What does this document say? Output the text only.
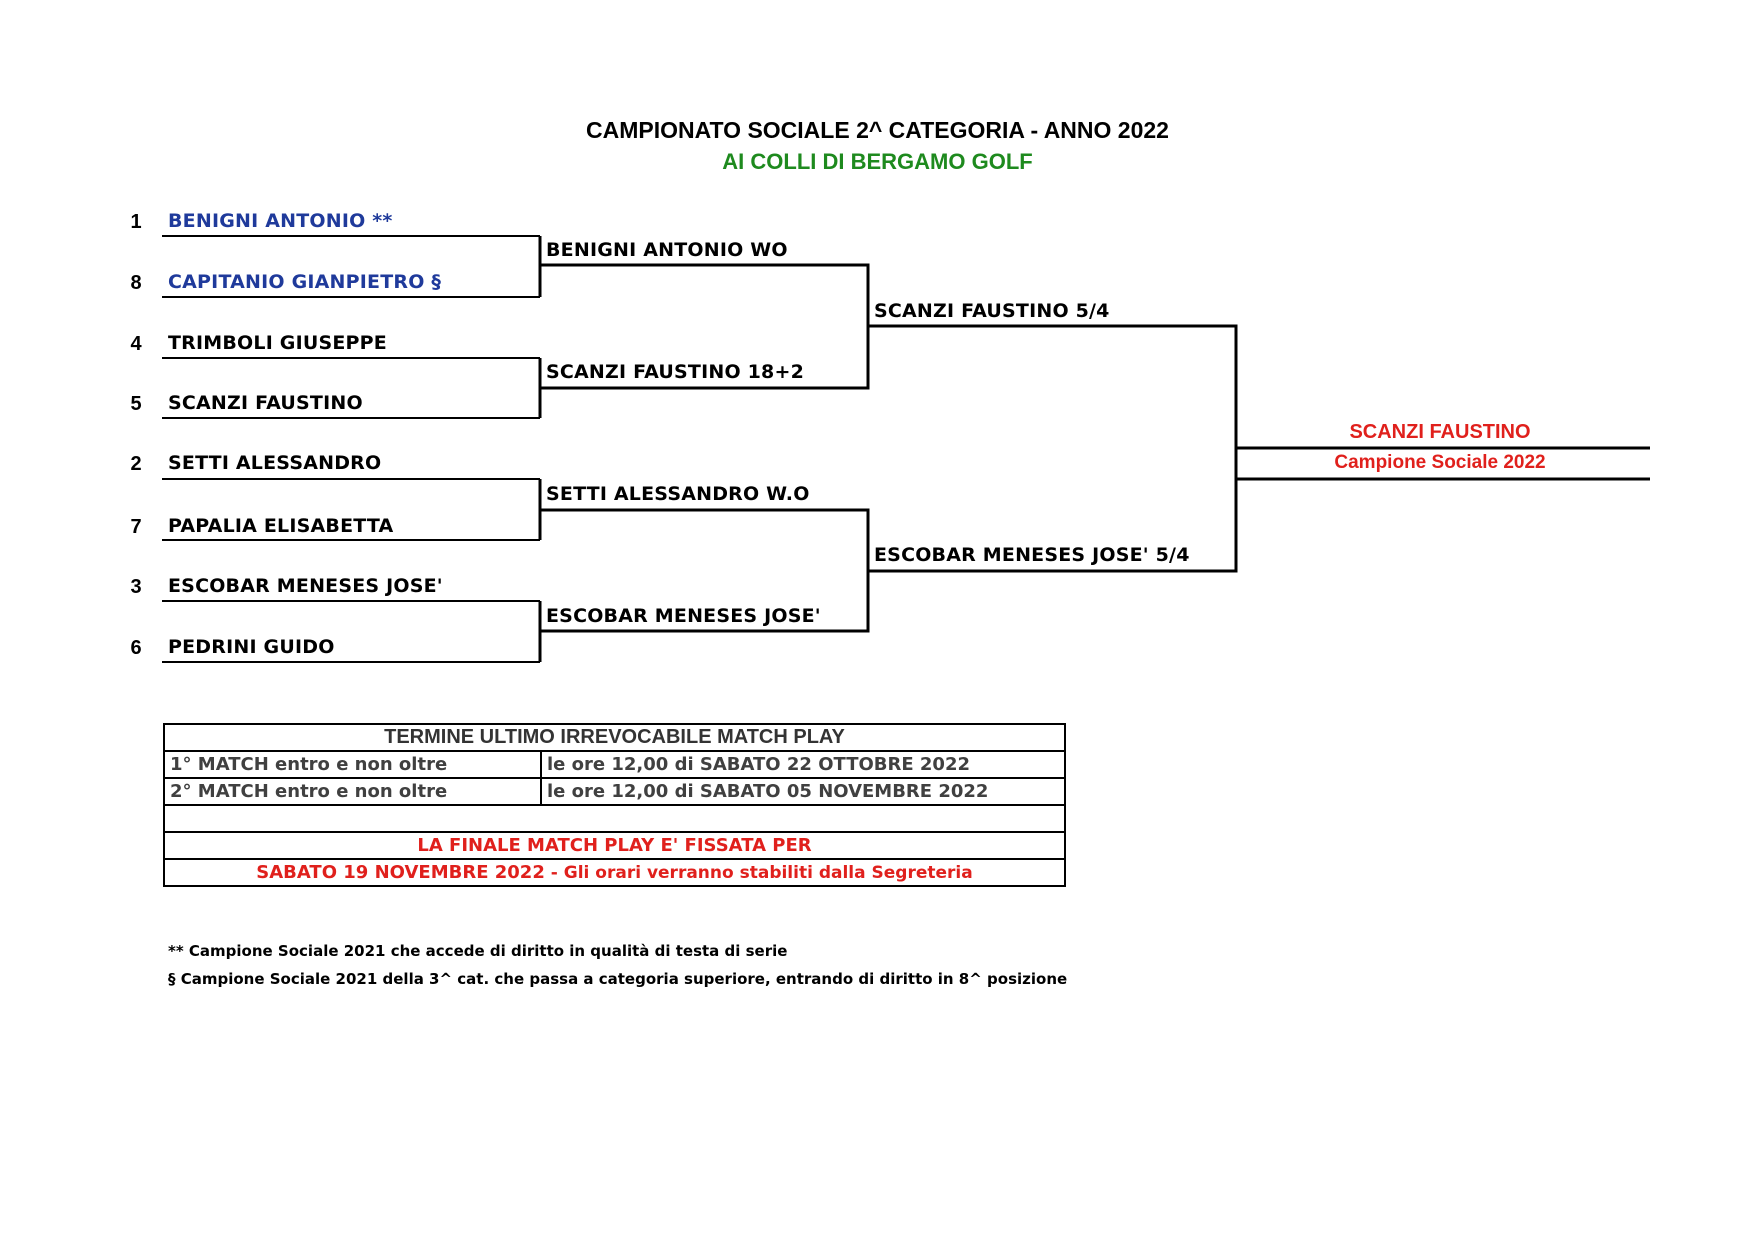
CAMPIONATO SOCIALE 2^ CATEGORIA - ANNO 2022
AI COLLI DI BERGAMO GOLF
1	BENIGNI ANTONIO **
8	CAPITANIO GIANPIETRO §
4	TRIMBOLI GIUSEPPE
5	SCANZI FAUSTINO
2	SETTI ALESSANDRO
7	PAPALIA ELISABETTA
3	ESCOBAR MENESES JOSE'
6	PEDRINI GUIDO
BENIGNI ANTONIO WO
SCANZI FAUSTINO 18+2
SETTI ALESSANDRO W.O
ESCOBAR MENESES JOSE'
SCANZI FAUSTINO 5/4
ESCOBAR MENESES JOSE' 5/4
SCANZI FAUSTINO
Campione Sociale 2022
TERMINE ULTIMO IRREVOCABILE MATCH PLAY	
1° MATCH entro e non oltre	le ore 12,00 di SABATO 22 OTTOBRE 2022
2° MATCH entro e non oltre	le ore 12,00 di SABATO 05 NOVEMBRE 2022

LA FINALE MATCH PLAY E' FISSATA PER	
SABATO 19 NOVEMBRE 2022 - Gli orari verranno stabiliti dalla Segreteria	
** Campione Sociale 2021 che accede di diritto in qualità di testa di serie
§ Campione Sociale 2021 della 3^ cat. che passa a categoria superiore, entrando di diritto in 8^ posizione
